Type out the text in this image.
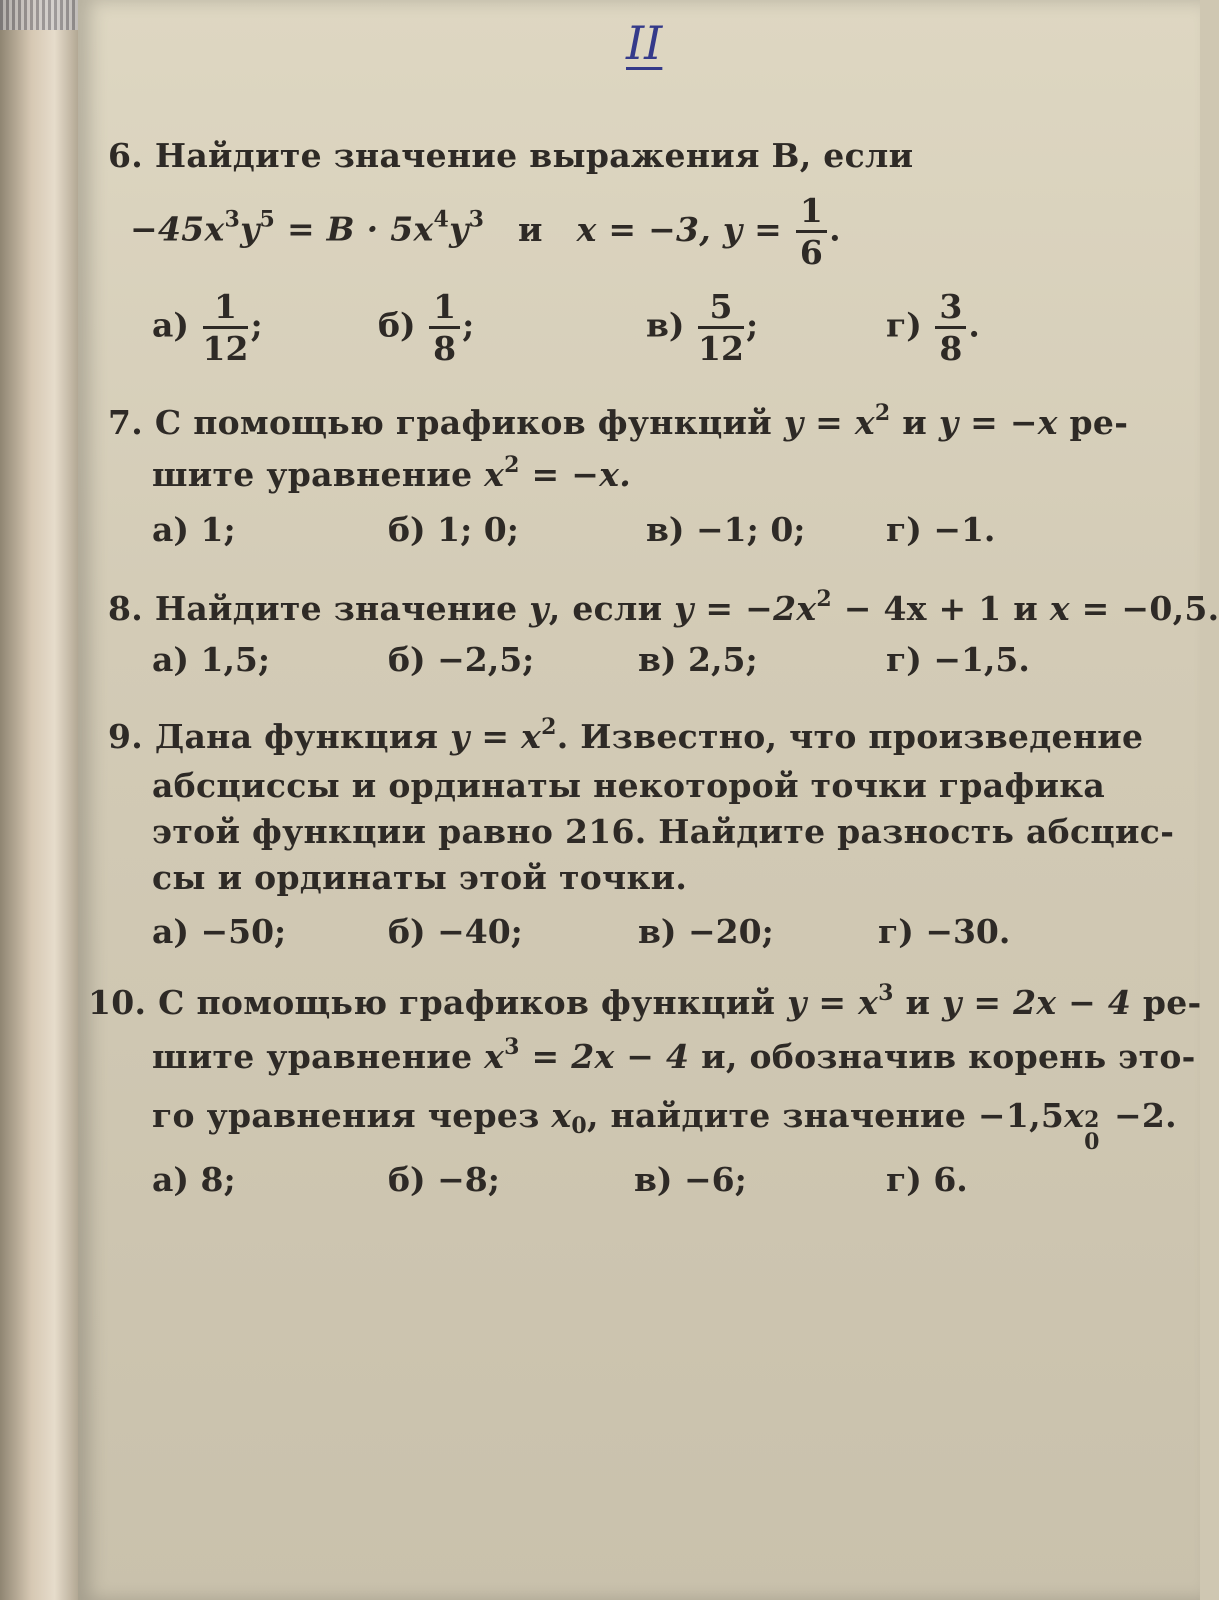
II
6. Найдите значение выражения B, если
$-45x^3y^5 = B \cdot 5x^4y^3$ и x = −3, $y = \frac{1}{6}$ .
$а) \frac{1}{12}$ ;	$б) \frac{1}{8}$ ;	$в) \frac{5}{12}$ ;	$г) \frac{3}{8}$ .
7. С помощью графиков функций $y = x^2$ и y = −x ре-
шите уравнение $x^2 = -x$.
а) 1;	б) 1; 0;	в) −1; 0; г) −1.
8. Найдите значение y, если $y = -2x^2 - 4x + 1$ и x = −0,5.
а) 1,5;	б) −2,5;	в) 2,5;	г) −1,5.
9. Дана функция $y = x^2$. Известно, что произведение
абсциссы и ординаты некоторой точки графика
этой функции равно 216. Найдите разность абсцис-
сы и ординаты этой точки.
а) −50;	б) −40;	в) −20;	г) −30.
10. С помощью графиков функций $y = x^3$ и y = 2x − 4 ре-
шите уравнение $x^3 = 2x - 4$ и, обозначив корень это-
го уравнения через $x_0$, найдите значение −1,5x 2
0
−2.
а) 8;	б) −8;	в) −6;	г) 6.
